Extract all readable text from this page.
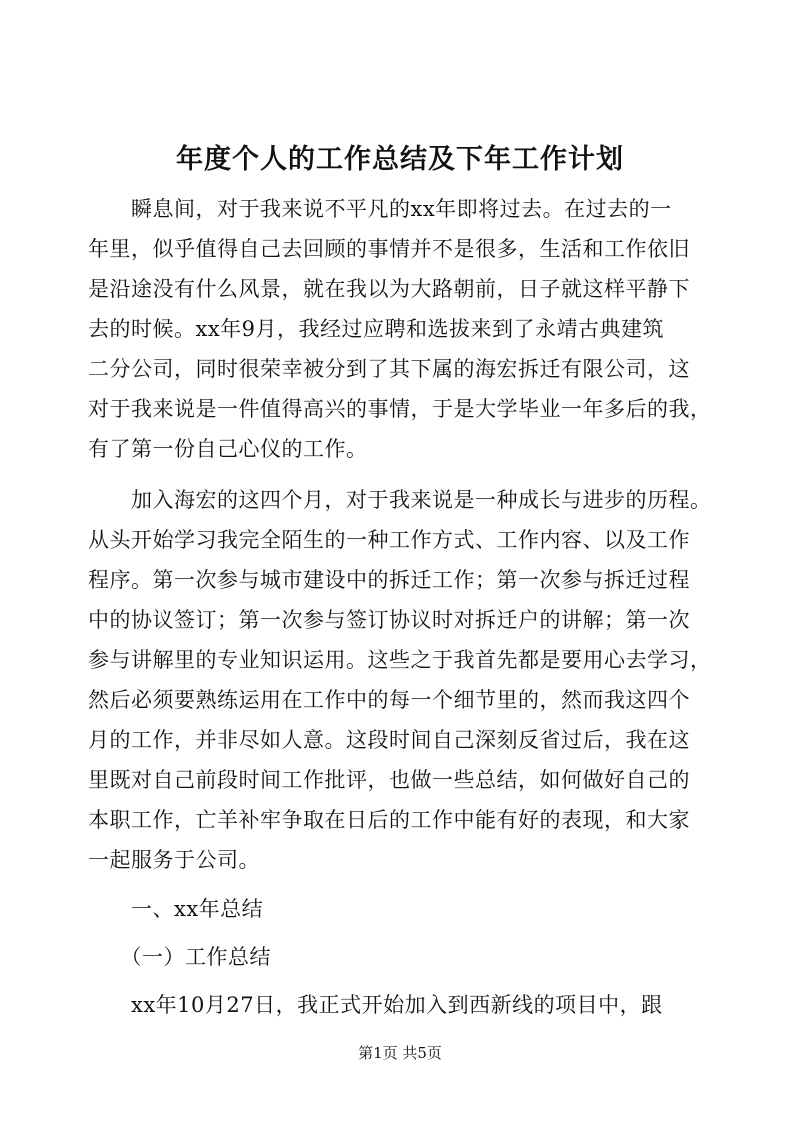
年度个人的工作总结及下年工作计划
　　瞬息间，对于我来说不平凡的xx年即将过去。在过去的一
年里，似乎值得自己去回顾的事情并不是很多，生活和工作依旧
是沿途没有什么风景，就在我以为大路朝前，日子就这样平静下
去的时候。xx年9月，我经过应聘和选拔来到了永靖古典建筑
二分公司，同时很荣幸被分到了其下属的海宏拆迁有限公司，这
对于我来说是一件值得高兴的事情，于是大学毕业一年多后的我，
有了第一份自己心仪的工作。
　　加入海宏的这四个月，对于我来说是一种成长与进步的历程。
从头开始学习我完全陌生的一种工作方式、工作内容、以及工作
程序。第一次参与城市建设中的拆迁工作；第一次参与拆迁过程
中的协议签订；第一次参与签订协议时对拆迁户的讲解；第一次
参与讲解里的专业知识运用。这些之于我首先都是要用心去学习，
然后必须要熟练运用在工作中的每一个细节里的，然而我这四个
月的工作，并非尽如人意。这段时间自己深刻反省过后，我在这
里既对自己前段时间工作批评，也做一些总结，如何做好自己的
本职工作，亡羊补牢争取在日后的工作中能有好的表现，和大家
一起服务于公司。
　　一、xx年总结
　　（一）工作总结
　　xx年10月27日，我正式开始加入到西新线的项目中，跟
第1页 共5页
